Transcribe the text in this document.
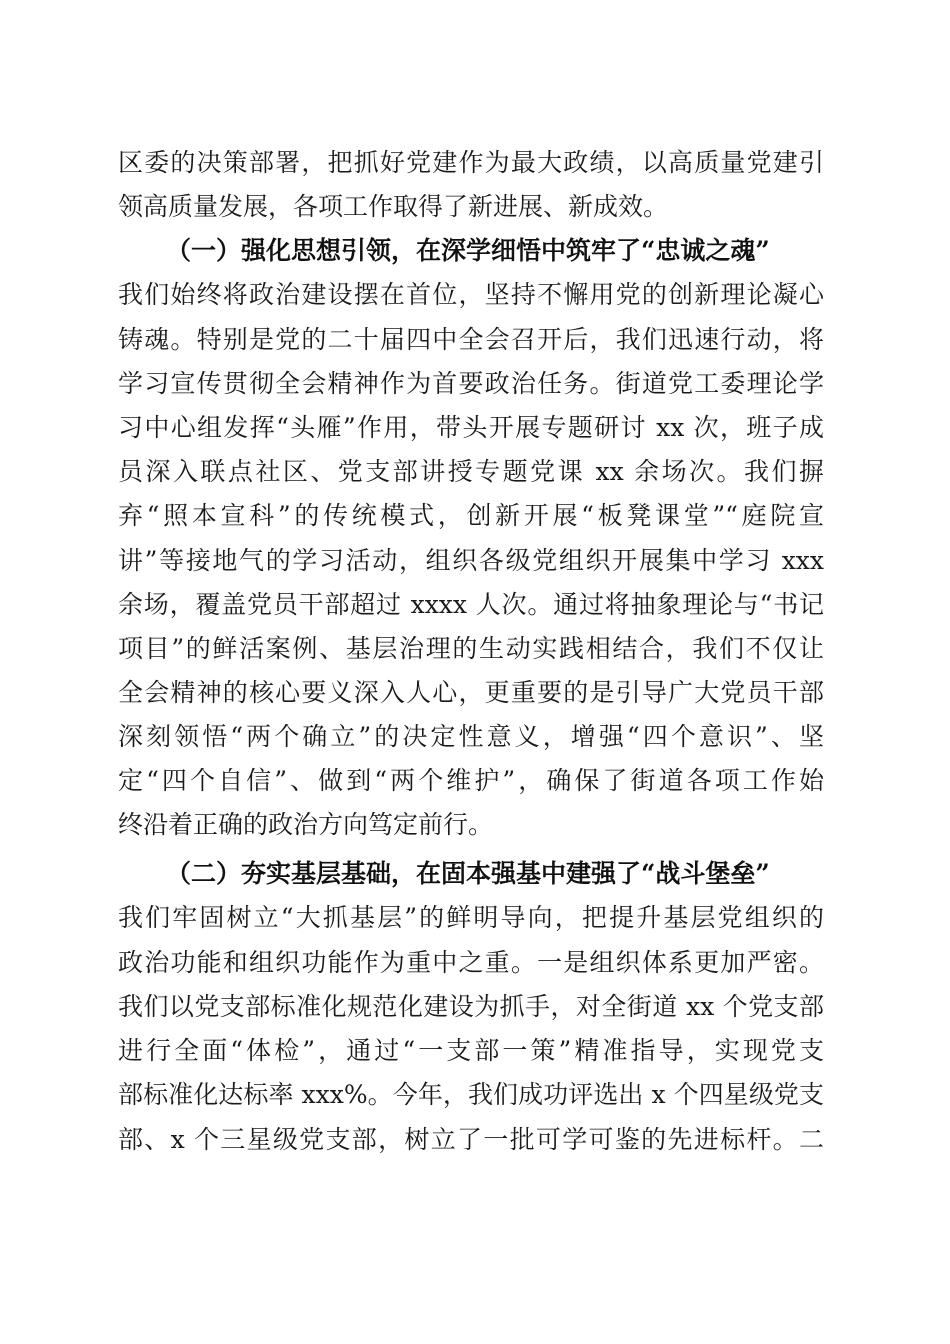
区委的决策部署，把抓好党建作为最大政绩，以高质量党建引
领高质量发展，各项工作取得了新进展、新成效。
（一）强化思想引领，在深学细悟中筑牢了“忠诚之魂”
我们始终将政治建设摆在首位，坚持不懈用党的创新理论凝心
铸魂。特别是党的二十届四中全会召开后，我们迅速行动，将
学习宣传贯彻全会精神作为首要政治任务。街道党工委理论学
习中心组发挥“头雁”作用，带头开展专题研讨 xx 次，班子成
员深入联点社区、党支部讲授专题党课 xx 余场次。我们摒
弃“照本宣科”的传统模式，创新开展“板凳课堂”“庭院宣
讲”等接地气的学习活动，组织各级党组织开展集中学习 xxx
余场，覆盖党员干部超过 xxxx 人次。通过将抽象理论与“书记
项目”的鲜活案例、基层治理的生动实践相结合，我们不仅让
全会精神的核心要义深入人心，更重要的是引导广大党员干部
深刻领悟“两个确立”的决定性意义，增强“四个意识”、坚
定“四个自信”、做到“两个维护”，确保了街道各项工作始
终沿着正确的政治方向笃定前行。
（二）夯实基层基础，在固本强基中建强了“战斗堡垒”
我们牢固树立“大抓基层”的鲜明导向，把提升基层党组织的
政治功能和组织功能作为重中之重。一是组织体系更加严密。
我们以党支部标准化规范化建设为抓手，对全街道 xx 个党支部
进行全面“体检”，通过“一支部一策”精准指导，实现党支
部标准化达标率 xxx%。今年，我们成功评选出 x 个四星级党支
部、x 个三星级党支部，树立了一批可学可鉴的先进标杆。二
